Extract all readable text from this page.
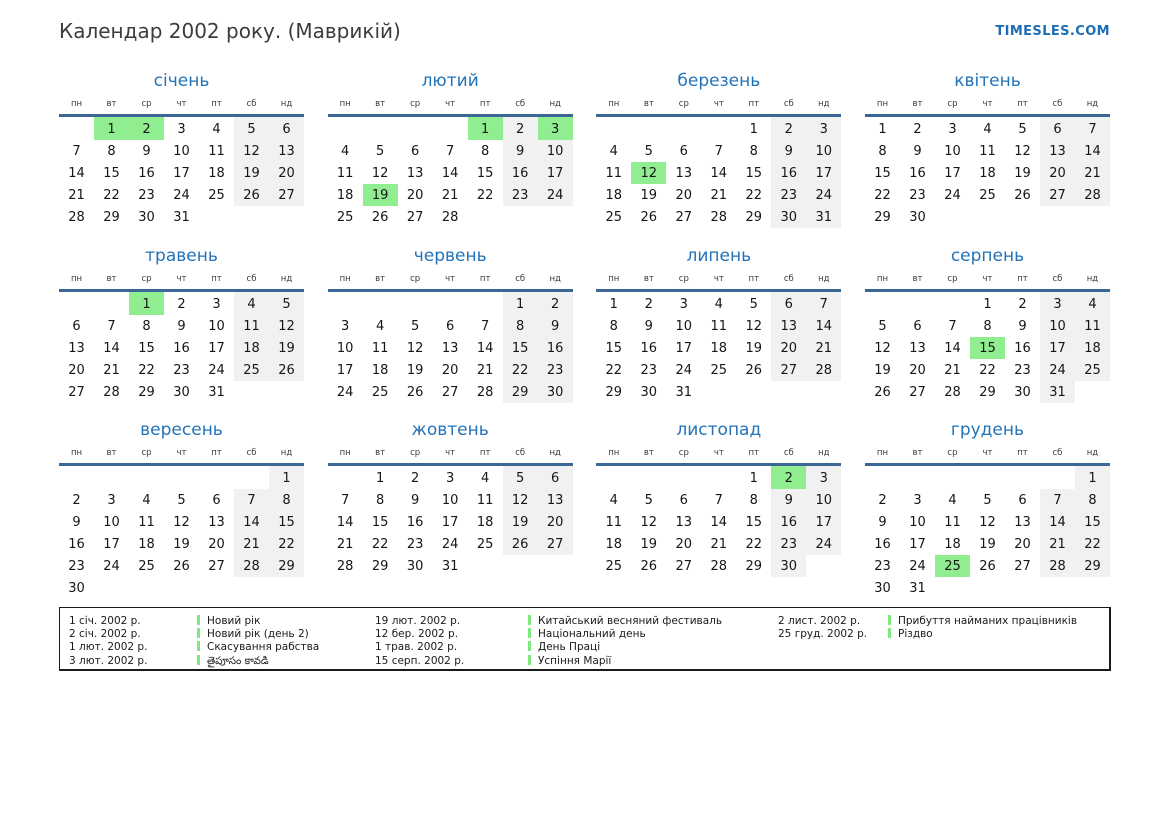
Календар 2002 року. (Маврикій)	TIMESLES.COM
січень
пн	вт	ср	чт	пт	сб	нд
	1	2	3	4	5	6
7	8	9	10	11	12	13
14	15	16	17	18	19	20
21	22	23	24	25	26	27
28	29	30	31			
лютий
пн	вт	ср	чт	пт	сб	нд
				1	2	3
4	5	6	7	8	9	10
11	12	13	14	15	16	17
18	19	20	21	22	23	24
25	26	27	28			
березень
пн	вт	ср	чт	пт	сб	нд
				1	2	3
4	5	6	7	8	9	10
11	12	13	14	15	16	17
18	19	20	21	22	23	24
25	26	27	28	29	30	31
квітень
пн	вт	ср	чт	пт	сб	нд
1	2	3	4	5	6	7
8	9	10	11	12	13	14
15	16	17	18	19	20	21
22	23	24	25	26	27	28
29	30					
травень
пн	вт	ср	чт	пт	сб	нд
		1	2	3	4	5
6	7	8	9	10	11	12
13	14	15	16	17	18	19
20	21	22	23	24	25	26
27	28	29	30	31		
червень
пн	вт	ср	чт	пт	сб	нд
					1	2
3	4	5	6	7	8	9
10	11	12	13	14	15	16
17	18	19	20	21	22	23
24	25	26	27	28	29	30
липень
пн	вт	ср	чт	пт	сб	нд
1	2	3	4	5	6	7
8	9	10	11	12	13	14
15	16	17	18	19	20	21
22	23	24	25	26	27	28
29	30	31				
серпень
пн	вт	ср	чт	пт	сб	нд
			1	2	3	4
5	6	7	8	9	10	11
12	13	14	15	16	17	18
19	20	21	22	23	24	25
26	27	28	29	30	31	
вересень
пн	вт	ср	чт	пт	сб	нд
						1
2	3	4	5	6	7	8
9	10	11	12	13	14	15
16	17	18	19	20	21	22
23	24	25	26	27	28	29
30						
жовтень
пн	вт	ср	чт	пт	сб	нд
	1	2	3	4	5	6
7	8	9	10	11	12	13
14	15	16	17	18	19	20
21	22	23	24	25	26	27
28	29	30	31			
листопад
пн	вт	ср	чт	пт	сб	нд
				1	2	3
4	5	6	7	8	9	10
11	12	13	14	15	16	17
18	19	20	21	22	23	24
25	26	27	28	29	30	
грудень
пн	вт	ср	чт	пт	сб	нд
						1
2	3	4	5	6	7	8
9	10	11	12	13	14	15
16	17	18	19	20	21	22
23	24	25	26	27	28	29
30	31					
1 січ. 2002 р.	Новий рік
2 січ. 2002 р.	Новий рік (день 2)
1 лют. 2002 р.	Скасування рабства
3 лют. 2002 р.	తైపూసం కావడి
19 лют. 2002 р.	Китайський весняний фестиваль
12 бер. 2002 р.	Національний день
1 трав. 2002 р.	День Праці
15 серп. 2002 р.	Успіння Марії
2 лист. 2002 р.	Прибуття найманих працівників
25 груд. 2002 р.	Різдво
